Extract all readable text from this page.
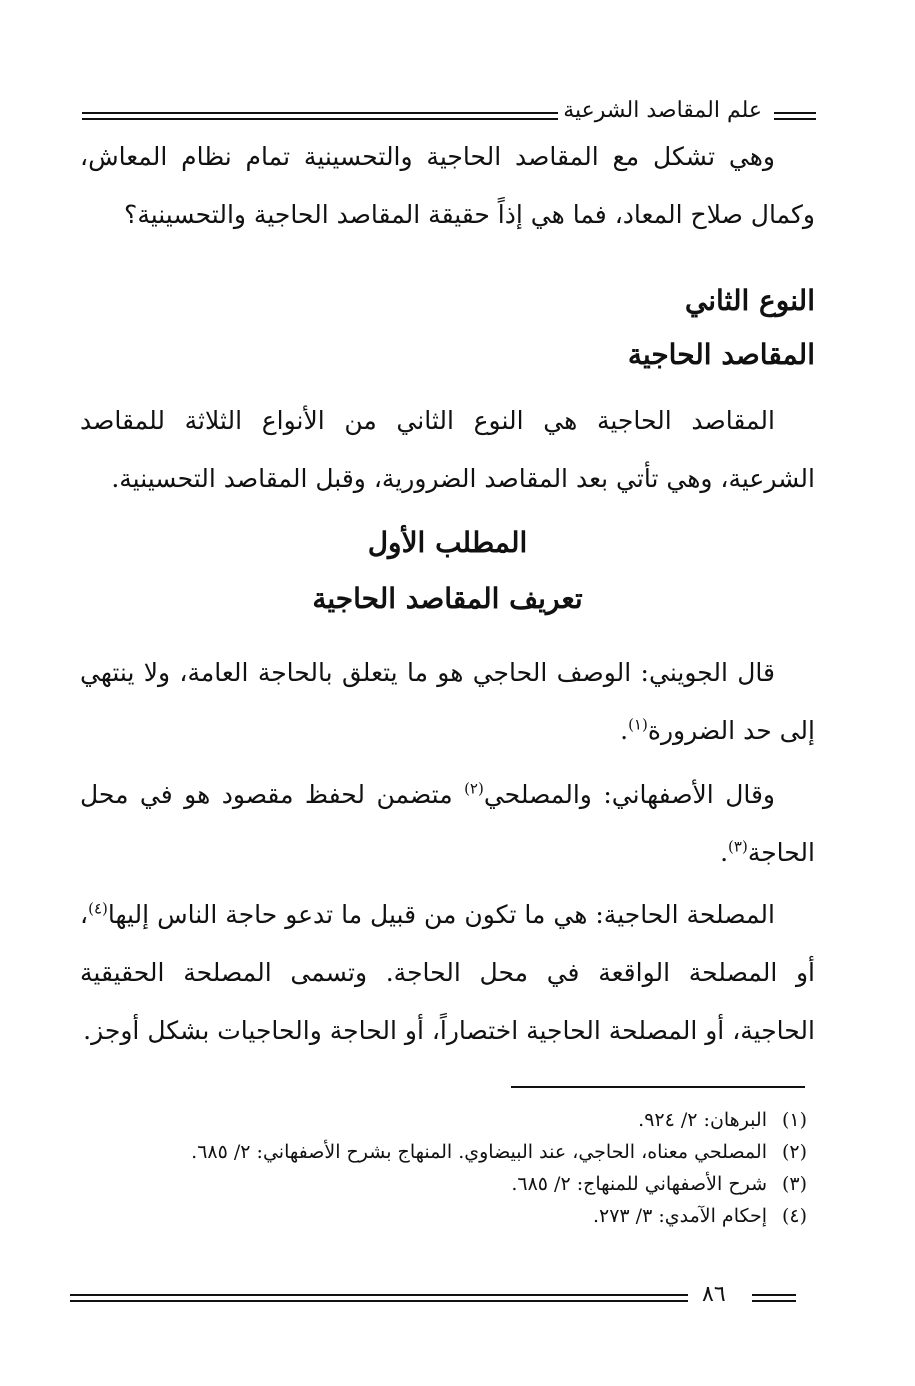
علم المقاصد الشرعية

وهي تشكل مع المقاصد الحاجية والتحسينية تمام نظام المعاش، وكمال صلاح المعاد، فما هي إذاً حقيقة المقاصد الحاجية والتحسينية؟

النوع الثاني
المقاصد الحاجية

المقاصد الحاجية هي النوع الثاني من الأنواع الثلاثة للمقاصد الشرعية، وهي تأتي بعد المقاصد الضرورية، وقبل المقاصد التحسينية.

المطلب الأول
تعريف المقاصد الحاجية

قال الجويني: الوصف الحاجي هو ما يتعلق بالحاجة العامة، ولا ينتهي إلى حد الضرورة$^{(١)}$.

وقال الأصفهاني: والمصلحي$^{(٢)}$ متضمن لحفظ مقصود هو في محل الحاجة$^{(٣)}$.

المصلحة الحاجية: هي ما تكون من قبيل ما تدعو حاجة الناس إليها$^{(٤)}$، أو المصلحة الواقعة في محل الحاجة. وتسمى المصلحة الحقيقية الحاجية، أو المصلحة الحاجية اختصاراً، أو الحاجة والحاجيات بشكل أوجز.

(١)البرهان: ٢/ ٩٢٤.
(٢)المصلحي معناه، الحاجي، عند البيضاوي. المنهاج بشرح الأصفهاني: ٢/ ٦٨٥.
(٣)شرح الأصفهاني للمنهاج: ٢/ ٦٨٥.
(٤)إحكام الآمدي: ٣/ ٢٧٣.
٨٦
